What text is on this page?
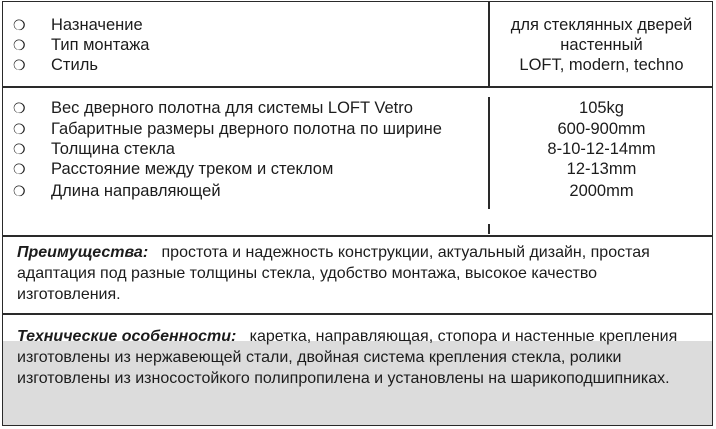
❍ Назначение	для стеклянных дверей
❍ Тип монтажа	настенный
❍ Стиль	LOFT, modern, techno
❍ Вес дверного полотна для системы LOFT Vetro	105kg
❍ Габаритные размеры дверного полотна по ширине	600-900mm
❍ Толщина стекла	8-10-12-14mm
❍ Расстояние между треком и стеклом	12-13mm
❍ Длина направляющей	2000mm
Преимущества:   простота и надежность конструкции, актуальный дизайн, простая адаптация под разные толщины стекла, удобство монтажа, высокое качество изготовления.
Технические особенности:   каретка, направляющая, стопора и настенные крепления изготовлены из нержавеющей стали, двойная система крепления стекла, ролики изготовлены из износостойкого полипропилена и установлены на шарикоподшипниках.
